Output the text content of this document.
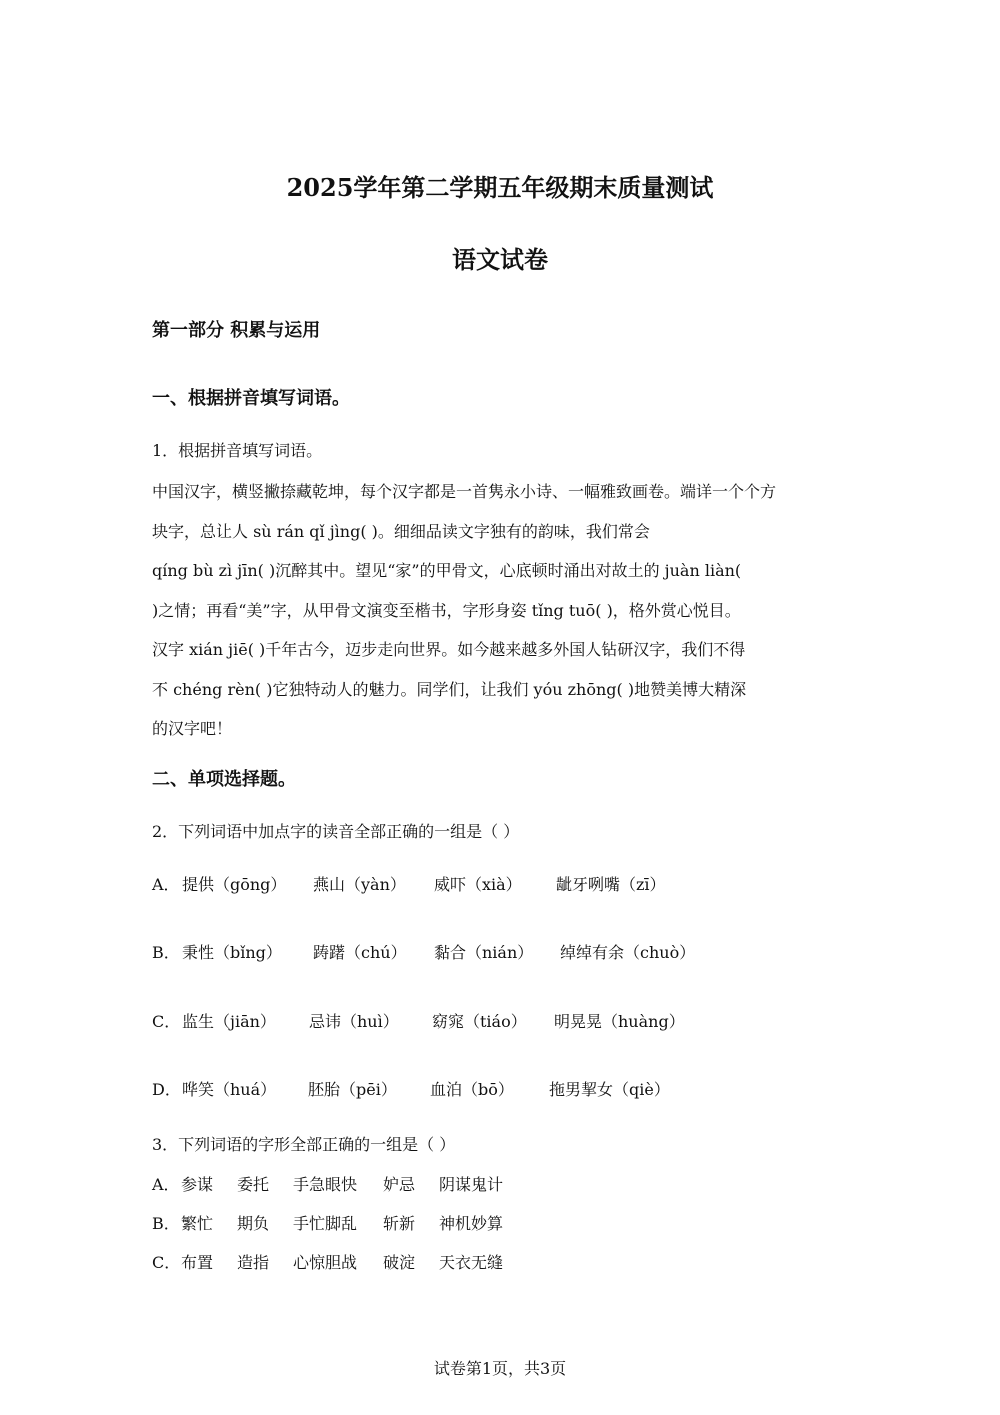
2025学年第二学期五年级期末质量测试
语文试卷
第一部分 积累与运用
一、根据拼音填写词语。
1．根据拼音填写词语。

中国汉字，横竖撇捺藏乾坤，每个汉字都是一首隽永小诗、一幅雅致画卷。端详一个个方

块字，总让人 sù rán qǐ jìng( )。细细品读文字独有的韵味，我们常会

qíng bù zì jīn( )沉醉其中。望见“家”的甲骨文，心底顿时涌出对故土的 juàn liàn(

)之情；再看“美”字，从甲骨文演变至楷书，字形身姿 tǐng tuō( )，格外赏心悦目。

汉字 xián jiē( )千年古今，迈步走向世界。如今越来越多外国人钻研汉字，我们不得

不 chéng rèn( )它独特动人的魅力。同学们，让我们 yóu zhōng( )地赞美博大精深

的汉字吧！

二、单项选择题。
2．下列词语中加点字的读音全部正确的一组是（ ）
A． 提供（gōng） 燕山（yàn） 威吓（xià） 龇牙咧嘴（zī）
B． 秉性（bǐng） 踌躇（chú） 黏合（nián） 绰绰有余（chuò）
C． 监生（jiān） 忌讳（huì） 窈窕（tiáo） 明晃晃（huàng）
D． 哗笑（huá） 胚胎（pēi） 血泊（bō） 拖男挈女（qiè）
3．下列词语的字形全部正确的一组是（ ）
A． 参谋 委托 手急眼快 妒忌 阴谋鬼计
B． 繁忙 期负 手忙脚乱 斩新 神机妙算
C． 布置 造指 心惊胆战 破淀 天衣无缝
试卷第1页，共3页
